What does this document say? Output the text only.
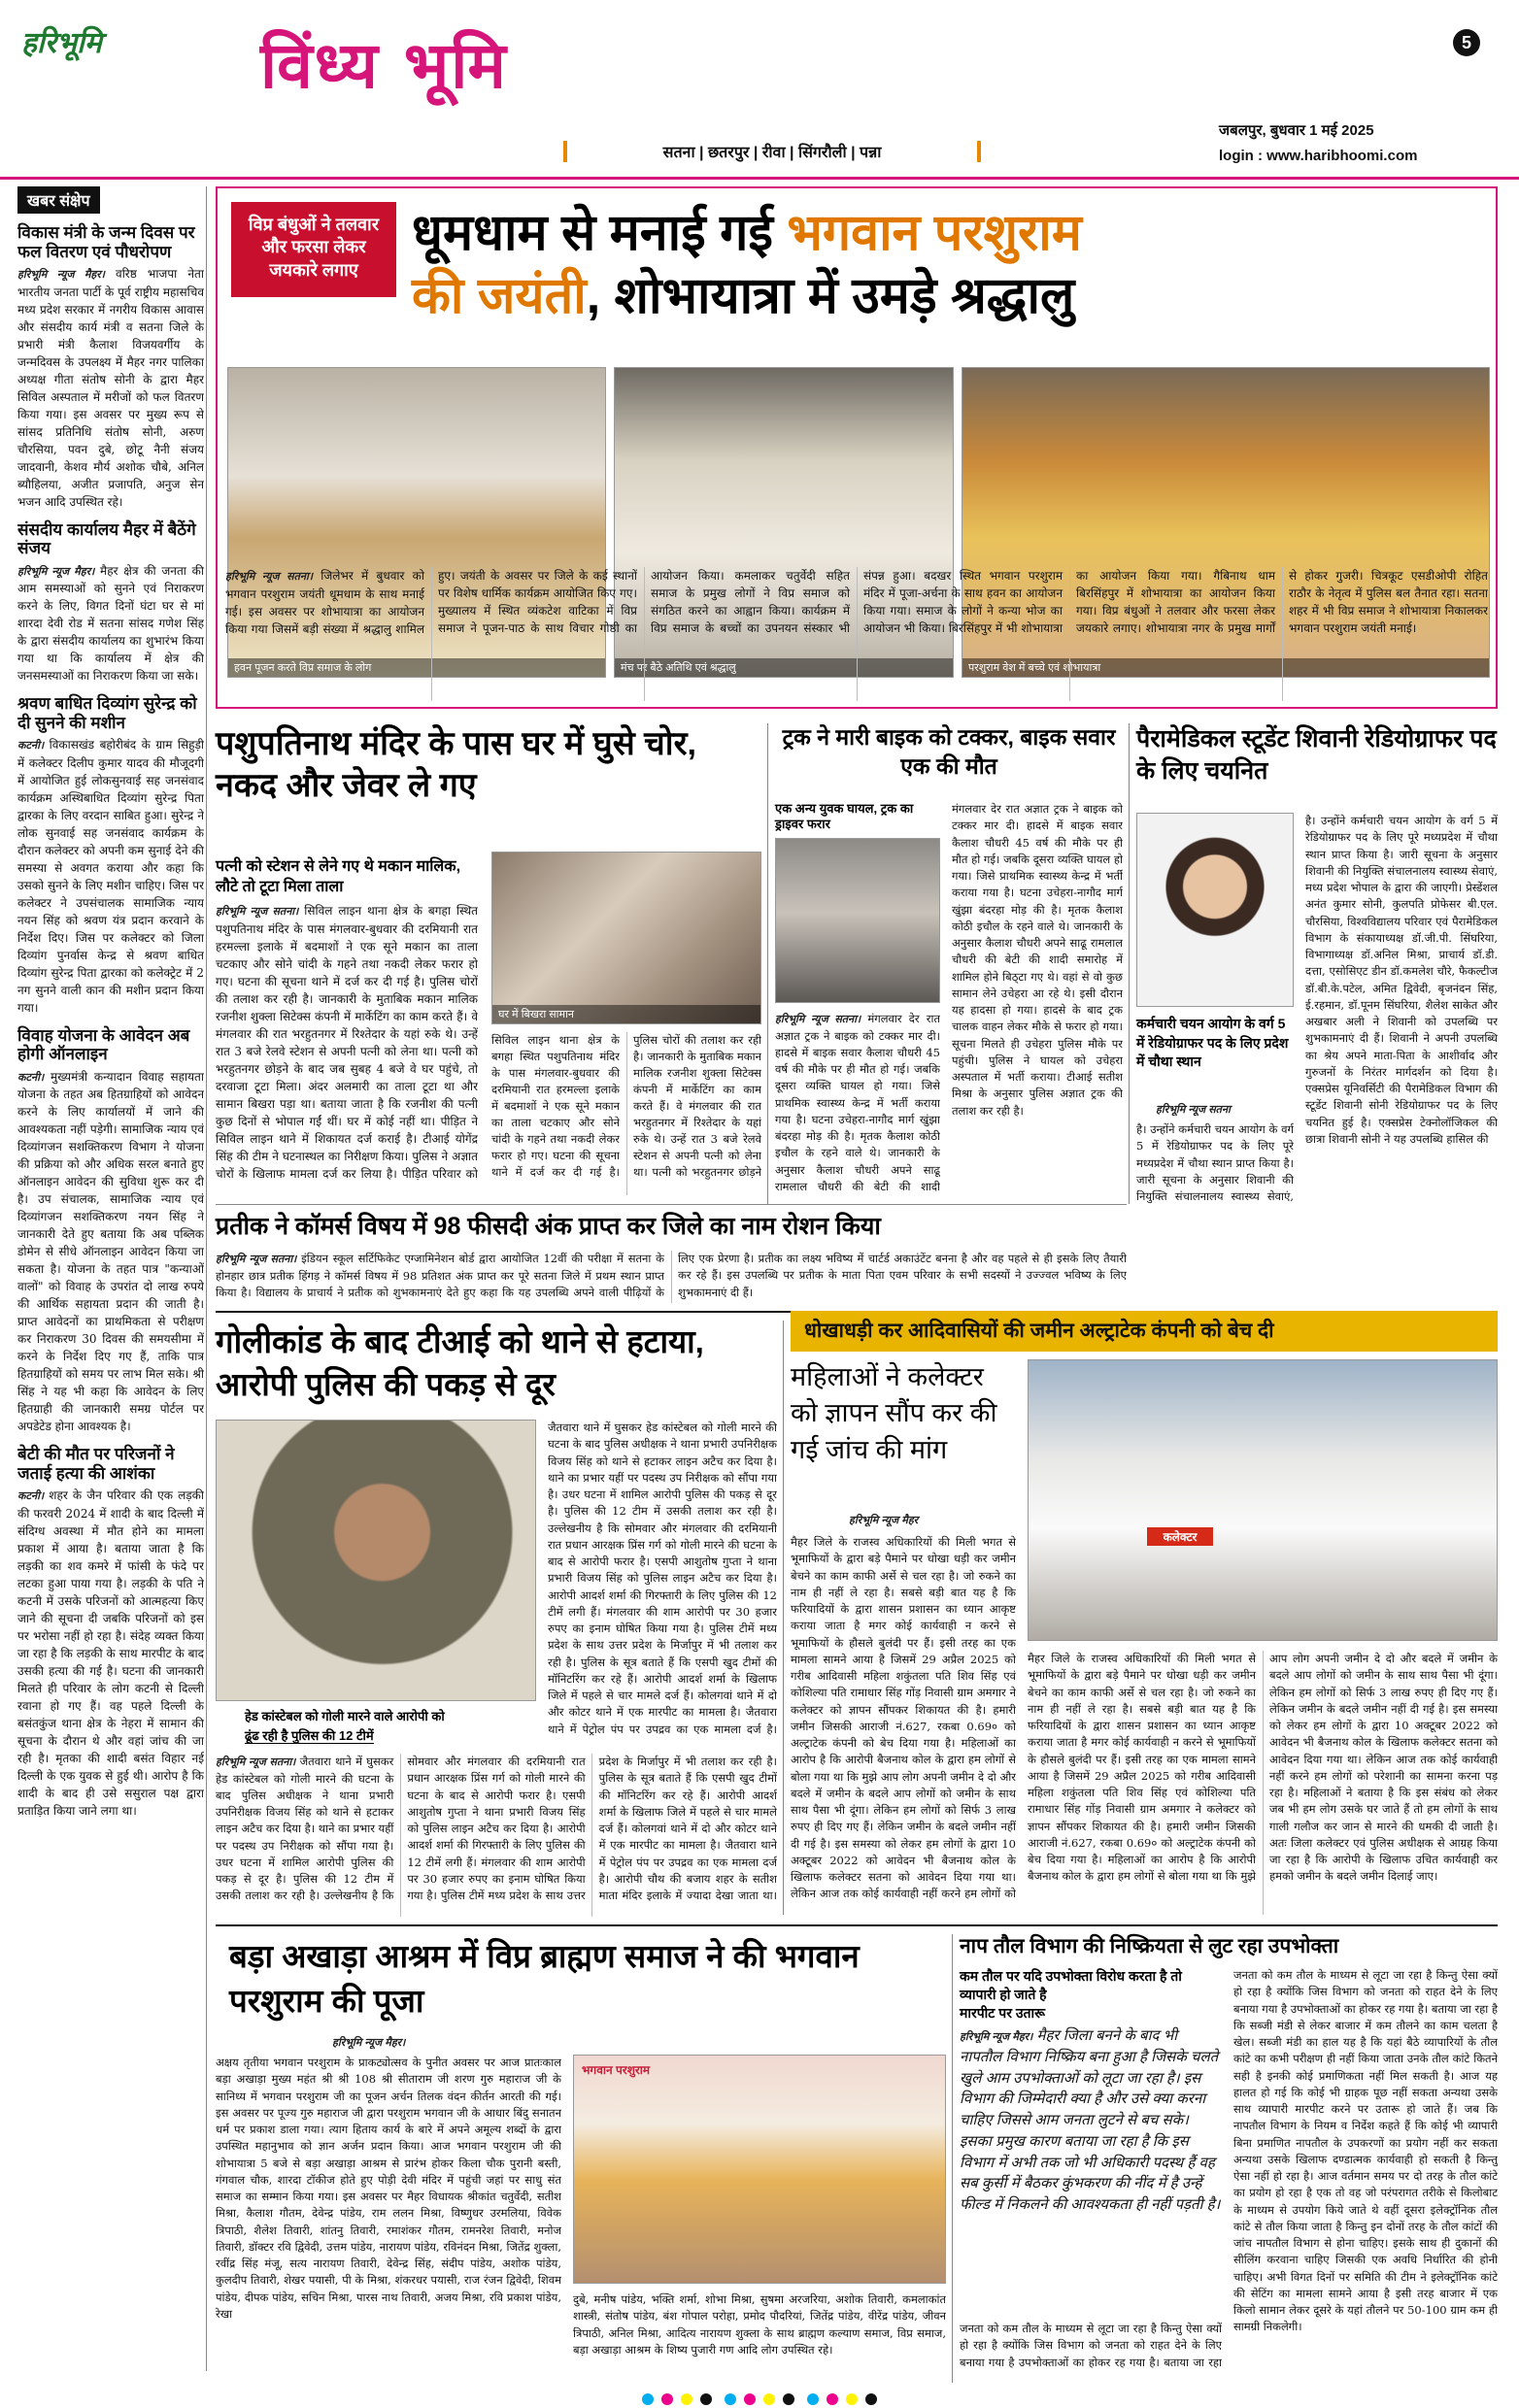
हरिभूमि विंध्य भूमि	5
जबलपुर, बुधवार 1 मई 2025
login : www.haribhoomi.com
सतना | छतरपुर | रीवा | सिंगरौली | पन्ना
खबर संक्षेप
विकास मंत्री के जन्म दिवस पर फल वितरण एवं पौधरोपण

हरिभूमि न्यूज मैहर। वरिष्ठ भाजपा नेता भारतीय जनता पार्टी के पूर्व राष्ट्रीय महासचिव मध्य प्रदेश सरकार में नगरीय विकास आवास और संसदीय कार्य मंत्री व सतना जिले के प्रभारी मंत्री कैलाश विजयवर्गीय के जन्मदिवस के उपलक्ष्य में मैहर नगर पालिका अध्यक्ष गीता संतोष सोनी के द्वारा मैहर सिविल अस्पताल में मरीजों को फल वितरण किया गया। इस अवसर पर मुख्य रूप से सांसद प्रतिनिधि संतोष सोनी, अरुण चौरसिया, पवन दुबे, छोटू नैनी संजय जादवानी, केशव मौर्य अशोक चौबे, अनिल ब्यौहिलया, अजीत प्रजापति, अनुज सेन भजन आदि उपस्थित रहे।

संसदीय कार्यालय मैहर में बैठेंगे संजय

हरिभूमि न्यूज मैहर। मैहर क्षेत्र की जनता की आम समस्याओं को सुनने एवं निराकरण करने के लिए, विगत दिनों घंटा घर से मां शारदा देवी रोड में सतना सांसद गणेश सिंह के द्वारा संसदीय कार्यालय का शुभारंभ किया गया था कि कार्यालय में क्षेत्र की जनसमस्याओं का निराकरण किया जा सके।

श्रवण बाधित दिव्यांग सुरेन्द्र को दी सुनने की मशीन

कटनी। विकासखंड बहोरीबंद के ग्राम सिहुड़ी में कलेक्टर दिलीप कुमार यादव की मौजूदगी में आयोजित हुई लोकसुनवाई सह जनसंवाद कार्यक्रम अस्थिबाधित दिव्यांग सुरेन्द्र पिता द्वारका के लिए वरदान साबित हुआ। सुरेन्द्र ने लोक सुनवाई सह जनसंवाद कार्यक्रम के दौरान कलेक्टर को अपनी कम सुनाई देने की समस्या से अवगत कराया और कहा कि उसको सुनने के लिए मशीन चाहिए। जिस पर कलेक्टर ने उपसंचालक सामाजिक न्याय नयन सिंह को श्रवण यंत्र प्रदान करवाने के निर्देश दिए। जिस पर कलेक्टर को जिला दिव्यांग पुनर्वास केन्द्र से श्रवण बाधित दिव्यांग सुरेन्द्र पिता द्वारका को कलेक्ट्रेट में 2 नग सुनने वाली कान की मशीन प्रदान किया गया।

विवाह योजना के आवेदन अब होगी ऑनलाइन

कटनी। मुख्यमंत्री कन्यादान विवाह सहायता योजना के तहत अब हितग्राहियों को आवेदन करने के लिए कार्यालयों में जाने की आवश्यकता नहीं पड़ेगी। सामाजिक न्याय एवं दिव्यांगजन सशक्तिकरण विभाग ने योजना की प्रक्रिया को और अधिक सरल बनाते हुए ऑनलाइन आवेदन की सुविधा शुरू कर दी है। उप संचालक, सामाजिक न्याय एवं दिव्यांगजन सशक्तिकरण नयन सिंह ने जानकारी देते हुए बताया कि अब पब्लिक डोमेन से सीधे ऑनलाइन आवेदन किया जा सकता है। योजना के तहत पात्र "कन्याओं वालों" को विवाह के उपरांत दो लाख रुपये की आर्थिक सहायता प्रदान की जाती है। प्राप्त आवेदनों का प्राथमिकता से परीक्षण कर निराकरण 30 दिवस की समयसीमा में करने के निर्देश दिए गए हैं, ताकि पात्र हितग्राहियों को समय पर लाभ मिल सके। श्री सिंह ने यह भी कहा कि आवेदन के लिए हितग्राही की जानकारी समग्र पोर्टल पर अपडेटेड होना आवश्यक है।

बेटी की मौत पर परिजनों ने जताई हत्या की आशंका

कटनी। शहर के जैन परिवार की एक लड़की की फरवरी 2024 में शादी के बाद दिल्ली में संदिग्ध अवस्था में मौत होने का मामला प्रकाश में आया है। बताया जाता है कि लड़की का शव कमरे में फांसी के फंदे पर लटका हुआ पाया गया है। लड़की के पति ने कटनी में उसके परिजनों को आत्महत्या किए जाने की सूचना दी जबकि परिजनों को इस पर भरोसा नहीं हो रहा है। संदेह व्यक्त किया जा रहा है कि लड़की के साथ मारपीट के बाद उसकी हत्या की गई है। घटना की जानकारी मिलते ही परिवार के लोग कटनी से दिल्ली रवाना हो गए हैं। वह पहले दिल्ली के बसंतकुंज थाना क्षेत्र के नेहरा में सामान की सूचना के दौरान थे और वहां जांच की जा रही है। मृतका की शादी बसंत विहार नई दिल्ली के एक युवक से हुई थी। आरोप है कि शादी के बाद ही उसे ससुराल पक्ष द्वारा प्रताड़ित किया जाने लगा था।

विप्र बंधुओं ने तलवार और फरसा लेकर जयकारे लगाए
धूमधाम से मनाई गई भगवान परशुराम
की जयंती, शोभायात्रा में उमड़े श्रद्धालु
हवन पूजन करते विप्र समाज के लोग	मंच पर बैठे अतिथि एवं श्रद्धालु	परशुराम वेश में बच्चे एवं शोभायात्रा
हरिभूमि न्यूज सतना। जिलेभर में बुधवार को भगवान परशुराम जयंती धूमधाम के साथ मनाई गई। इस अवसर पर शोभायात्रा का आयोजन किया गया जिसमें बड़ी संख्या में श्रद्धालु शामिल हुए। जयंती के अवसर पर जिले के कई स्थानों पर विशेष धार्मिक कार्यक्रम आयोजित किए गए। मुख्यालय में स्थित व्यंकटेश वाटिका में विप्र समाज ने पूजन-पाठ के साथ विचार गोष्ठी का आयोजन किया। कमलाकर चतुर्वेदी सहित समाज के प्रमुख लोगों ने विप्र समाज को संगठित करने का आह्वान किया। कार्यक्रम में विप्र समाज के बच्चों का उपनयन संस्कार भी संपन्न हुआ। बदखर स्थित भगवान परशुराम मंदिर में पूजा-अर्चना के साथ हवन का आयोजन किया गया। समाज के लोगों ने कन्या भोज का आयोजन भी किया। बिरसिंहपुर में भी शोभायात्रा का आयोजन किया गया। गैबिनाथ धाम बिरसिंहपुर में शोभायात्रा का आयोजन किया गया। विप्र बंधुओं ने तलवार और फरसा लेकर जयकारे लगाए। शोभायात्रा नगर के प्रमुख मार्गों से होकर गुजरी। चित्रकूट एसडीओपी रोहित राठौर के नेतृत्व में पुलिस बल तैनात रहा। सतना शहर में भी विप्र समाज ने शोभायात्रा निकालकर भगवान परशुराम जयंती मनाई।
पशुपतिनाथ मंदिर के पास घर में घुसे चोर, नकद और जेवर ले गए
पत्नी को स्टेशन से लेने गए थे मकान मालिक, लौटे तो टूटा मिला ताला
घर में बिखरा सामान
हरिभूमि न्यूज सतना। सिविल लाइन थाना क्षेत्र के बगहा स्थित पशुपतिनाथ मंदिर के पास मंगलवार-बुधवार की दरमियानी रात हरमल्ला इलाके में बदमाशों ने एक सूने मकान का ताला चटकाए और सोने चांदी के गहने तथा नकदी लेकर फरार हो गए। घटना की सूचना थाने में दर्ज कर दी गई है। पुलिस चोरों की तलाश कर रही है। जानकारी के मुताबिक मकान मालिक रजनीश शुक्ला सिटेक्स कंपनी में मार्केटिंग का काम करते हैं। वे मंगलवार की रात भरहुतनगर में रिश्तेदार के यहां रुके थे। उन्हें रात 3 बजे रेलवे स्टेशन से अपनी पत्नी को लेना था। पत्नी को भरहुतनगर छोड़ने के बाद जब सुबह 4 बजे वे घर पहुंचे, तो दरवाजा टूटा मिला। अंदर अलमारी का ताला टूटा था और सामान बिखरा पड़ा था। बताया जाता है कि रजनीश की पत्नी कुछ दिनों से भोपाल गईं थीं। घर में कोई नहीं था। पीड़ित ने सिविल लाइन थाने में शिकायत दर्ज कराई है। टीआई योगेंद्र सिंह की टीम ने घटनास्थल का निरीक्षण किया। पुलिस ने अज्ञात चोरों के खिलाफ मामला दर्ज कर लिया है। पीड़ित परिवार को
सिविल लाइन थाना क्षेत्र के बगहा स्थित पशुपतिनाथ मंदिर के पास मंगलवार-बुधवार की दरमियानी रात हरमल्ला इलाके में बदमाशों ने एक सूने मकान का ताला चटकाए और सोने चांदी के गहने तथा नकदी लेकर फरार हो गए। घटना की सूचना थाने में दर्ज कर दी गई है। पुलिस चोरों की तलाश कर रही है। जानकारी के मुताबिक मकान मालिक रजनीश शुक्ला सिटेक्स कंपनी में मार्केटिंग का काम करते हैं। वे मंगलवार की रात भरहुतनगर में रिश्तेदार के यहां रुके थे। उन्हें रात 3 बजे रेलवे स्टेशन से अपनी पत्नी को लेना था। पत्नी को भरहुतनगर छोड़ने
ट्रक ने मारी बाइक को टक्कर, बाइक सवार एक की मौत
एक अन्य युवक घायल, ट्रक का ड्राइवर फरार
हरिभूमि न्यूज सतना। मंगलवार देर रात अज्ञात ट्रक ने बाइक को टक्कर मार दी। हादसे में बाइक सवार कैलाश चौधरी 45 वर्ष की मौके पर ही मौत हो गई। जबकि दूसरा व्यक्ति घायल हो गया। जिसे प्राथमिक स्वास्थ्य केन्द्र में भर्ती कराया गया है। घटना उचेहरा-नागौद मार्ग खुंझा बंदरहा मोड़ की है। मृतक कैलाश कोठी इचौल के रहने वाले थे। जानकारी के अनुसार कैलाश चौधरी अपने साढू रामलाल चौधरी की बेटी की शादी
मंगलवार देर रात अज्ञात ट्रक ने बाइक को टक्कर मार दी। हादसे में बाइक सवार कैलाश चौधरी 45 वर्ष की मौके पर ही मौत हो गई। जबकि दूसरा व्यक्ति घायल हो गया। जिसे प्राथमिक स्वास्थ्य केन्द्र में भर्ती कराया गया है। घटना उचेहरा-नागौद मार्ग खुंझा बंदरहा मोड़ की है। मृतक कैलाश कोठी इचौल के रहने वाले थे। जानकारी के अनुसार कैलाश चौधरी अपने साढू रामलाल चौधरी की बेटी की शादी समारोह में शामिल होने बिठ्टा गए थे। वहां से वो कुछ सामान लेने उचेहरा आ रहे थे। इसी दौरान यह हादसा हो गया। हादसे के बाद ट्रक चालक वाहन लेकर मौके से फरार हो गया। सूचना मिलते ही उचेहरा पुलिस मौके पर पहुंची। पुलिस ने घायल को उचेहरा अस्पताल में भर्ती कराया। टीआई सतीश मिश्रा के अनुसार पुलिस अज्ञात ट्रक की तलाश कर रही है।
पैरामेडिकल स्टूडेंट शिवानी रेडियोग्राफर पद के लिए चयनित
कर्मचारी चयन आयोग के वर्ग 5 में रेडियोग्राफर पद के लिए प्रदेश में चौथा स्थान
हरिभूमि न्यूज सतना
है। उन्होंने कर्मचारी चयन आयोग के वर्ग 5 में रेडियोग्राफर पद के लिए पूरे मध्यप्रदेश में चौथा स्थान प्राप्त किया है। जारी सूचना के अनुसार शिवानी की नियुक्ति संचालनालय स्वास्थ्य सेवाएं,
है। उन्होंने कर्मचारी चयन आयोग के वर्ग 5 में रेडियोग्राफर पद के लिए पूरे मध्यप्रदेश में चौथा स्थान प्राप्त किया है। जारी सूचना के अनुसार शिवानी की नियुक्ति संचालनालय स्वास्थ्य सेवाएं, मध्य प्रदेश भोपाल के द्वारा की जाएगी। प्रेस्डेंशल अनंत कुमार सोनी, कुलपति प्रोफेसर बी.एल. चौरसिया, विश्वविद्यालय परिवार एवं पैरामेडिकल विभाग के संकायाध्यक्ष डॉ.जी.पी. सिंघरिया, विभागाध्यक्ष डॉ.अनिल मिश्रा, प्राचार्य डॉ.डी. दत्ता, एसोसिएट डीन डॉ.कमलेश चौरे, फैकल्टीज डॉ.बी.के.पटेल, अमित द्विवेदी, बृजनंदन सिंह, ई.रहमान, डॉ.पूनम सिंघरिया, शैलेश साकेत और अखबार अली ने शिवानी को उपलब्धि पर शुभकामनाएं दी हैं। शिवानी ने अपनी उपलब्धि का श्रेय अपने माता-पिता के आशीर्वाद और गुरुजनों के निरंतर मार्गदर्शन को दिया है। एक्सप्रेस यूनिवर्सिटी की पैरामेडिकल विभाग की स्टूडेंट शिवानी सोनी रेडियोग्राफर पद के लिए चयनित हुई है। एक्सप्रेस टेक्नोलॉजिकल की छात्रा शिवानी सोनी ने यह उपलब्धि हासिल की
प्रतीक ने कॉमर्स विषय में 98 फीसदी अंक प्राप्त कर जिले का नाम रोशन किया
हरिभूमि न्यूज सतना। इंडियन स्कूल सर्टिफिकेट एग्जामिनेशन बोर्ड द्वारा आयोजित 12वीं की परीक्षा में सतना के होनहार छात्र प्रतीक हिंगड़ ने कॉमर्स विषय में 98 प्रतिशत अंक प्राप्त कर पूरे सतना जिले में प्रथम स्थान प्राप्त किया है। विद्यालय के प्राचार्य ने प्रतीक को शुभकामनाएं देते हुए कहा कि यह उपलब्धि अपने वाली पीढ़ियों के लिए एक प्रेरणा है। प्रतीक का लक्ष्य भविष्य में चार्टर्ड अकाउंटेंट बनना है और वह पहले से ही इसके लिए तैयारी कर रहे हैं। इस उपलब्धि पर प्रतीक के माता पिता एवम परिवार के सभी सदस्यों ने उज्ज्वल भविष्य के लिए शुभकामनाएं दी हैं।
गोलीकांड के बाद टीआई को थाने से हटाया, आरोपी पुलिस की पकड़ से दूर
हेड कांस्टेबल को गोली मारने वाले आरोपी को
ढूंढ रही है पुलिस की 12 टीमें
जैतवारा थाने में घुसकर हेड कांस्टेबल को गोली मारने की घटना के बाद पुलिस अधीक्षक ने थाना प्रभारी उपनिरीक्षक विजय सिंह को थाने से हटाकर लाइन अटैच कर दिया है। थाने का प्रभार यहीं पर पदस्थ उप निरीक्षक को सौंपा गया है। उधर घटना में शामिल आरोपी पुलिस की पकड़ से दूर है। पुलिस की 12 टीम में उसकी तलाश कर रही है। उल्लेखनीय है कि सोमवार और मंगलवार की दरमियानी रात प्रधान आरक्षक प्रिंस गर्ग को गोली मारने की घटना के बाद से आरोपी फरार है। एसपी आशुतोष गुप्ता ने थाना प्रभारी विजय सिंह को पुलिस लाइन अटैच कर दिया है। आरोपी आदर्श शर्मा की गिरफ्तारी के लिए पुलिस की 12 टीमें लगी हैं। मंगलवार की शाम आरोपी पर 30 हजार रुपए का इनाम घोषित किया गया है। पुलिस टीमें मध्य प्रदेश के साथ उत्तर प्रदेश के मिर्जापुर में भी तलाश कर रही है। पुलिस के सूत्र बताते हैं कि एसपी खुद टीमों की मॉनिटरिंग कर रहे हैं। आरोपी आदर्श शर्मा के खिलाफ जिले में पहले से चार मामले दर्ज हैं। कोलगवां थाने में दो और कोटर थाने में एक मारपीट का मामला है। जैतवारा थाने में पेट्रोल पंप पर उपद्रव का एक मामला दर्ज है।
हरिभूमि न्यूज सतना। जैतवारा थाने में घुसकर हेड कांस्टेबल को गोली मारने की घटना के बाद पुलिस अधीक्षक ने थाना प्रभारी उपनिरीक्षक विजय सिंह को थाने से हटाकर लाइन अटैच कर दिया है। थाने का प्रभार यहीं पर पदस्थ उप निरीक्षक को सौंपा गया है। उधर घटना में शामिल आरोपी पुलिस की पकड़ से दूर है। पुलिस की 12 टीम में उसकी तलाश कर रही है। उल्लेखनीय है कि सोमवार और मंगलवार की दरमियानी रात प्रधान आरक्षक प्रिंस गर्ग को गोली मारने की घटना के बाद से आरोपी फरार है। एसपी आशुतोष गुप्ता ने थाना प्रभारी विजय सिंह को पुलिस लाइन अटैच कर दिया है। आरोपी आदर्श शर्मा की गिरफ्तारी के लिए पुलिस की 12 टीमें लगी हैं। मंगलवार की शाम आरोपी पर 30 हजार रुपए का इनाम घोषित किया गया है। पुलिस टीमें मध्य प्रदेश के साथ उत्तर प्रदेश के मिर्जापुर में भी तलाश कर रही है। पुलिस के सूत्र बताते हैं कि एसपी खुद टीमों की मॉनिटरिंग कर रहे हैं। आरोपी आदर्श शर्मा के खिलाफ जिले में पहले से चार मामले दर्ज हैं। कोलगवां थाने में दो और कोटर थाने में एक मारपीट का मामला है। जैतवारा थाने में पेट्रोल पंप पर उपद्रव का एक मामला दर्ज है। आरोपी चौथ की बजाय शहर के सतीश माता मंदिर इलाके में ज्यादा देखा जाता था।
धोखाधड़ी कर आदिवासियों की जमीन अल्ट्राटेक कंपनी को बेच दी
महिलाओं ने कलेक्टर को ज्ञापन सौंप कर की गई जांच की मांग
हरिभूमि न्यूज मैहर
कलेक्टर
मैहर जिले के राजस्व अधिकारियों की मिली भगत से भूमाफियों के द्वारा बड़े पैमाने पर धोखा धड़ी कर जमीन बेचने का काम काफी अर्से से चल रहा है। जो रुकने का नाम ही नहीं ले रहा है। सबसे बड़ी बात यह है कि फरियादियों के द्वारा शासन प्रशासन का ध्यान आकृष्ट कराया जाता है मगर कोई कार्यवाही न करने से भूमाफियों के हौसले बुलंदी पर हैं। इसी तरह का एक मामला सामने आया है जिसमें 29 अप्रैल 2025 को गरीब आदिवासी महिला शकुंतला पति शिव सिंह एवं कोशिल्या पति रामाधार सिंह गोंड़ निवासी ग्राम अमगार ने कलेक्टर को ज्ञापन सौंपकर शिकायत की है। हमारी जमीन जिसकी आराजी नं.627, रकबा 0.69० को अल्ट्राटेक कंपनी को बेच दिया गया है। महिलाओं का आरोप है कि आरोपी बैजनाथ कोल के द्वारा हम लोगों से बोला गया था कि मुझे आप लोग अपनी जमीन दे दो और बदले में जमीन के बदले आप लोगों को जमीन के साथ साथ पैसा भी दूंगा। लेकिन हम लोगों को सिर्फ 3 लाख रुपए ही दिए गए हैं। लेकिन जमीन के बदले जमीन नहीं दी गई है। इस समस्या को लेकर हम लोगों के द्वारा 10 अक्टूबर 2022 को आवेदन भी बैजनाथ कोल के खिलाफ कलेक्टर सतना को आवेदन दिया गया था। लेकिन आज तक कोई कार्यवाही नहीं करने हम लोगों को
मैहर जिले के राजस्व अधिकारियों की मिली भगत से भूमाफियों के द्वारा बड़े पैमाने पर धोखा धड़ी कर जमीन बेचने का काम काफी अर्से से चल रहा है। जो रुकने का नाम ही नहीं ले रहा है। सबसे बड़ी बात यह है कि फरियादियों के द्वारा शासन प्रशासन का ध्यान आकृष्ट कराया जाता है मगर कोई कार्यवाही न करने से भूमाफियों के हौसले बुलंदी पर हैं। इसी तरह का एक मामला सामने आया है जिसमें 29 अप्रैल 2025 को गरीब आदिवासी महिला शकुंतला पति शिव सिंह एवं कोशिल्या पति रामाधार सिंह गोंड़ निवासी ग्राम अमगार ने कलेक्टर को ज्ञापन सौंपकर शिकायत की है। हमारी जमीन जिसकी आराजी नं.627, रकबा 0.69० को अल्ट्राटेक कंपनी को बेच दिया गया है। महिलाओं का आरोप है कि आरोपी बैजनाथ कोल के द्वारा हम लोगों से बोला गया था कि मुझे आप लोग अपनी जमीन दे दो और बदले में जमीन के बदले आप लोगों को जमीन के साथ साथ पैसा भी दूंगा। लेकिन हम लोगों को सिर्फ 3 लाख रुपए ही दिए गए हैं। लेकिन जमीन के बदले जमीन नहीं दी गई है। इस समस्या को लेकर हम लोगों के द्वारा 10 अक्टूबर 2022 को आवेदन भी बैजनाथ कोल के खिलाफ कलेक्टर सतना को आवेदन दिया गया था। लेकिन आज तक कोई कार्यवाही नहीं करने हम लोगों को परेशानी का सामना करना पड़ रहा है। महिलाओं ने बताया है कि इस संबंध को लेकर जब भी हम लोग उसके घर जाते हैं तो हम लोगों के साथ गाली गलौज कर जान से मारने की धमकी दी जाती है। अतः जिला कलेक्टर एवं पुलिस अधीक्षक से आग्रह किया जा रहा है कि आरोपी के खिलाफ उचित कार्यवाही कर हमको जमीन के बदले जमीन दिलाई जाए।
बड़ा अखाड़ा आश्रम में विप्र ब्राह्मण समाज ने की भगवान परशुराम की पूजा
हरिभूमि न्यूज मैहर।
अक्षय तृतीया भगवान परशुराम के प्राकट्योत्सव के पुनीत अवसर पर आज प्रातःकाल बड़ा अखाड़ा मुख्य महंत श्री श्री 108 श्री सीताराम जी शरण गुरु महाराज जी के सानिध्य में भगवान परशुराम जी का पूजन अर्चन तिलक वंदन कीर्तन आरती की गई। इस अवसर पर पूज्य गुरु महाराज जी द्वारा परशुराम भगवान जी के आधार बिंदु सनातन धर्म पर प्रकाश डाला गया। त्याग हिताय कार्य के बारे में अपने अमूल्य शब्दों के द्वारा उपस्थित महानुभाव को ज्ञान अर्जन प्रदान किया। आज भगवान परशुराम जी की शोभायात्रा 5 बजे से बड़ा अखाड़ा आश्रम से प्रारंभ होकर किला चौक पुरानी बस्ती, गंगवाल चौक, शारदा टॉकीज होते हुए पोड़ी देवी मंदिर में पहुंची जहां पर साधु संत समाज का सम्मान किया गया। इस अवसर पर मैहर विधायक श्रीकांत चतुर्वेदी, सतीश मिश्रा, कैलाश गौतम, देवेन्द्र पांडेय, राम ललन मिश्रा, विष्णुधर उरमलिया, विवेक त्रिपाठी, शैलेश तिवारी, शांतनु तिवारी, रमाशंकर गौतम, रामनरेश तिवारी, मनोज तिवारी, डॉक्टर रवि द्विवेदी, उत्तम पांडेय, नारायण पांडेय, रविनंदन मिश्रा, जितेंद्र शुक्ला, रवींद्र सिंह मंजू, सत्य नारायण तिवारी, देवेन्द्र सिंह, संदीप पांडेय, अशोक पांडेय, कुलदीप तिवारी, शेखर पयासी, पी के मिश्रा, शंकरधर पयासी, राज रंजन द्विवेदी, शिवम पांडेय, दीपक पांडेय, सचिन मिश्रा, पारस नाथ तिवारी, अजय मिश्रा, रवि प्रकाश पांडेय, रेखा
भगवान परशुराम
दुबे, मनीष पांडेय, भक्ति शर्मा, शोभा मिश्रा, सुषमा अरजरिया, अशोक तिवारी, कमलाकांत शास्त्री, संतोष पांडेय, बंश गोपाल परोहा, प्रमोद पौदरियां, जितेंद्र पांडेय, वीरेंद्र पांडेय, जीवन त्रिपाठी, अनिल मिश्रा, आदित्य नारायण शुक्ला के साथ ब्राह्मण कल्याण समाज, विप्र समाज, बड़ा अखाड़ा आश्रम के शिष्य पुजारी गण आदि लोग उपस्थित रहे।
नाप तौल विभाग की निष्क्रियता से लुट रहा उपभोक्ता
कम तौल पर यदि उपभोक्ता विरोध करता है तो व्यापारी हो जाते है
मारपीट पर उतारू
हरिभूमि न्यूज मैहर। मैहर जिला बनने के बाद भी नापतौल विभाग निष्क्रिय बना हुआ है जिसके चलते खुले आम उपभोक्ताओं को लूटा जा रहा है। इस विभाग की जिम्मेदारी क्या है और उसे क्या करना चाहिए जिससे आम जनता लुटने से बच सके। इसका प्रमुख कारण बताया जा रहा है कि इस विभाग में अभी तक जो भी अधिकारी पदस्थ हैं वह सब कुर्सी में बैठकर कुंभकरण की नींद में है उन्हें फील्ड में निकलने की आवश्यकता ही नहीं पड़ती है।
जनता को कम तौल के माध्यम से लूटा जा रहा है किन्तु ऐसा क्यों हो रहा है क्योंकि जिस विभाग को जनता को राहत देने के लिए बनाया गया है उपभोक्ताओं का होकर रह गया है। बताया जा रहा
जनता को कम तौल के माध्यम से लूटा जा रहा है किन्तु ऐसा क्यों हो रहा है क्योंकि जिस विभाग को जनता को राहत देने के लिए बनाया गया है उपभोक्ताओं का होकर रह गया है। बताया जा रहा है कि सब्जी मंडी से लेकर बाजार में कम तौलने का काम चलता है खेल। सब्जी मंडी का हाल यह है कि यहां बैठे व्यापारियों के तौल कांटे का कभी परीक्षण ही नहीं किया जाता उनके तौल कांटे कितने सही है इनकी कोई प्रमाणिकता नहीं मिल सकती है। आज यह हालत हो गई कि कोई भी ग्राहक पूछ नहीं सकता अन्यथा उसके साथ व्यापारी मारपीट करने पर उतारू हो जाते हैं। जब कि नापतौल विभाग के नियम व निर्देश कहते हैं कि कोई भी व्यापारी बिना प्रमाणित नापतौल के उपकरणों का प्रयोग नहीं कर सकता अन्यथा उसके खिलाफ दण्डात्मक कार्यवाही हो सकती है किन्तु ऐसा नहीं हो रहा है। आज वर्तमान समय पर दो तरह के तौल कांटे का प्रयोग हो रहा है एक तो वह जो परंपरागत तरीके से किलोबाट के माध्यम से उपयोग किये जाते थे वहीं दूसरा इलेक्ट्रॉनिक तौल कांटे से तौल किया जाता है किन्तु इन दोनों तरह के तौल कांटों की जांच नापतौल विभाग से होना चाहिए। इसके साथ ही दुकानों की सीलिंग करवाना चाहिए जिसकी एक अवधि निर्धारित की होनी चाहिए। अभी विगत दिनों पर समिति की टीम ने इलेक्ट्रॉनिक कांटे की सेटिंग का मामला सामने आया है इसी तरह बाजार में एक किलो सामान लेकर दूसरे के यहां तौलने पर 50-100 ग्राम कम ही सामग्री निकलेगी।
